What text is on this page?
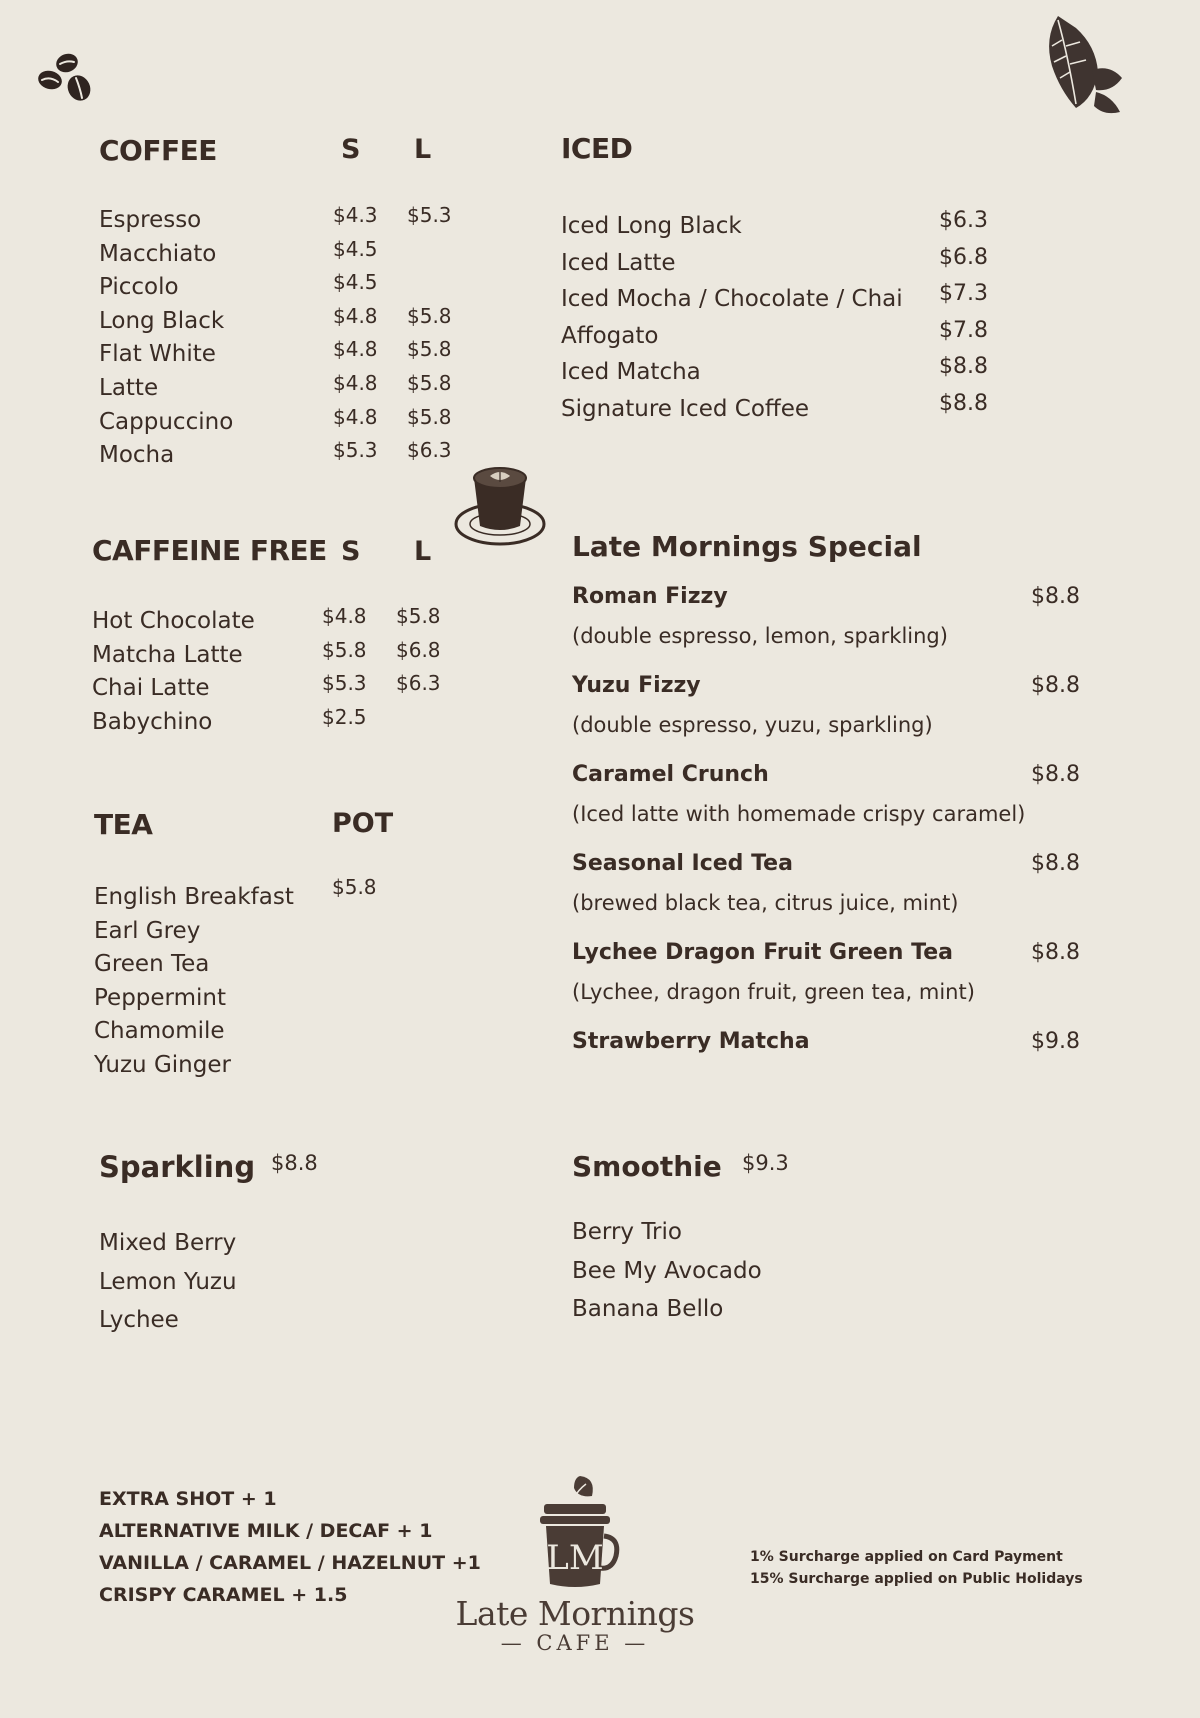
COFFEE	S L
Espresso	$4.3 $5.3
Macchiato	$4.5
Piccolo	$4.5
Long Black	$4.8 $5.8
Flat White	$4.8 $5.8
Latte	$4.8 $5.8
Cappuccino	$4.8 $5.8
Mocha	$5.3 $6.3
ICED
Iced Long Black	$6.3
Iced Latte	$6.8
Iced Mocha / Chocolate / Chai $7.3
Affogato	$7.8
Iced Matcha	$8.8
Signature Iced Coffee	$8.8
CAFFEINE FREE S L
Hot Chocolate	$4.8 $5.8
Matcha Latte	$5.8 $6.8
Chai Latte	$5.3 $6.3
Babychino	$2.5
Late Mornings Special
Roman Fizzy	$8.8
(double espresso, lemon, sparkling)
Yuzu Fizzy	$8.8
(double espresso, yuzu, sparkling)
Caramel Crunch	$8.8
(Iced latte with homemade crispy caramel)
Seasonal Iced Tea	$8.8
(brewed black tea, citrus juice, mint)
Lychee Dragon Fruit Green Tea	$8.8
(Lychee, dragon fruit, green tea, mint)
Strawberry Matcha	$9.8
TEA	POT
$5.8
English Breakfast
Earl Grey
Green Tea
Peppermint
Chamomile
Yuzu Ginger
Sparkling $8.8
Mixed Berry
Lemon Yuzu
Lychee
Smoothie $9.3
Berry Trio
Bee My Avocado
Banana Bello
EXTRA SHOT + 1
ALTERNATIVE MILK / DECAF + 1
VANILLA / CARAMEL / HAZELNUT +1
CRISPY CARAMEL + 1.5
LM
Late Mornings
— CAFE —
1% Surcharge applied on Card Payment
15% Surcharge applied on Public Holidays
